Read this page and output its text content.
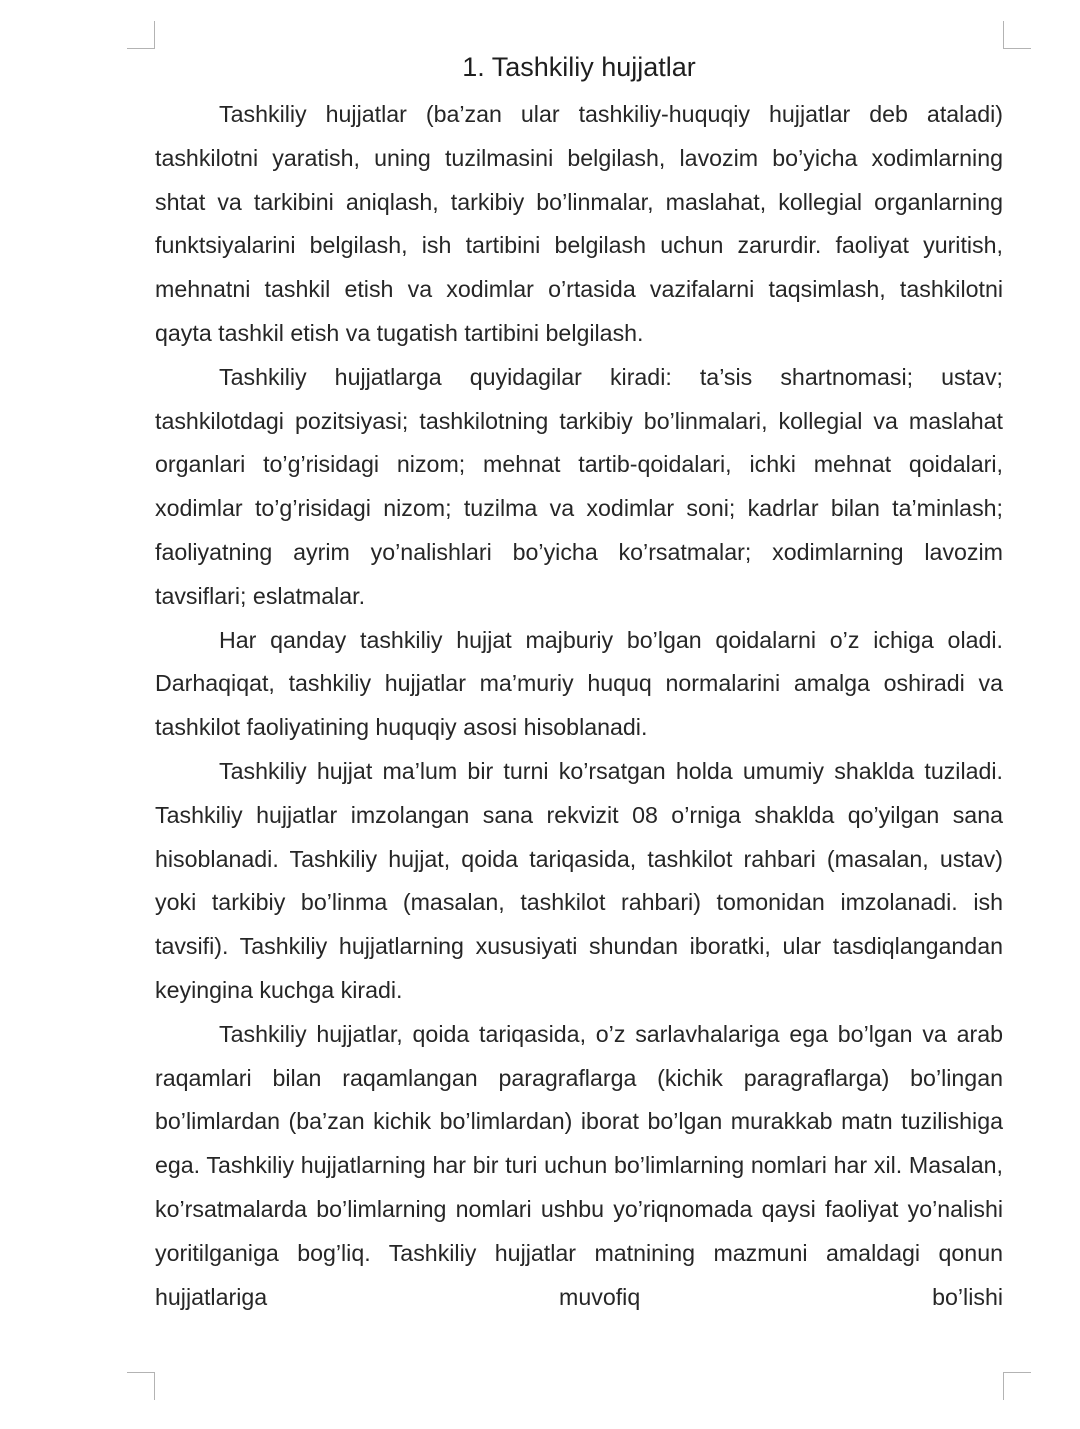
1. Tashkiliy hujjatlar

Tashkiliy hujjatlar (ba’zan ular tashkiliy-huquqiy hujjatlar deb ataladi) tashkilotni yaratish, uning tuzilmasini belgilash, lavozim bo’yicha xodimlarning shtat va tarkibini aniqlash, tarkibiy bo’linmalar, maslahat, kollegial organlarning funktsiyalarini belgilash, ish tartibini belgilash uchun zarurdir. faoliyat yuritish, mehnatni tashkil etish va xodimlar o’rtasida vazifalarni taqsimlash, tashkilotni qayta tashkil etish va tugatish tartibini belgilash.

Tashkiliy hujjatlarga quyidagilar kiradi: ta’sis shartnomasi; ustav; tashkilotdagi pozitsiyasi; tashkilotning tarkibiy bo’linmalari, kollegial va maslahat organlari to’g’risidagi nizom; mehnat tartib-qoidalari, ichki mehnat qoidalari, xodimlar to’g’risidagi nizom; tuzilma va xodimlar soni; kadrlar bilan ta’minlash; faoliyatning ayrim yo’nalishlari bo’yicha ko’rsatmalar; xodimlarning lavozim tavsiflari; eslatmalar.

Har qanday tashkiliy hujjat majburiy bo’lgan qoidalarni o’z ichiga oladi. Darhaqiqat, tashkiliy hujjatlar ma’muriy huquq normalarini amalga oshiradi va tashkilot faoliyatining huquqiy asosi hisoblanadi.

Tashkiliy hujjat ma’lum bir turni ko’rsatgan holda umumiy shaklda tuziladi. Tashkiliy hujjatlar imzolangan sana rekvizit 08 o’rniga shaklda qo’yilgan sana hisoblanadi. Tashkiliy hujjat, qoida tariqasida, tashkilot rahbari (masalan, ustav) yoki tarkibiy bo’linma (masalan, tashkilot rahbari) tomonidan imzolanadi. ish tavsifi). Tashkiliy hujjatlarning xususiyati shundan iboratki, ular tasdiqlangandan keyingina kuchga kiradi.

Tashkiliy hujjatlar, qoida tariqasida, o’z sarlavhalariga ega bo’lgan va arab raqamlari bilan raqamlangan paragraflarga (kichik paragraflarga) bo’lingan bo’limlardan (ba’zan kichik bo’limlardan) iborat bo’lgan murakkab matn tuzilishiga ega. Tashkiliy hujjatlarning har bir turi uchun bo’limlarning nomlari har xil. Masalan, ko’rsatmalarda bo’limlarning nomlari ushbu yo’riqnomada qaysi faoliyat yo’nalishi yoritilganiga bog’liq. Tashkiliy hujjatlar matnining mazmuni amaldagi qonun hujjatlariga muvofiq bo’lishi
